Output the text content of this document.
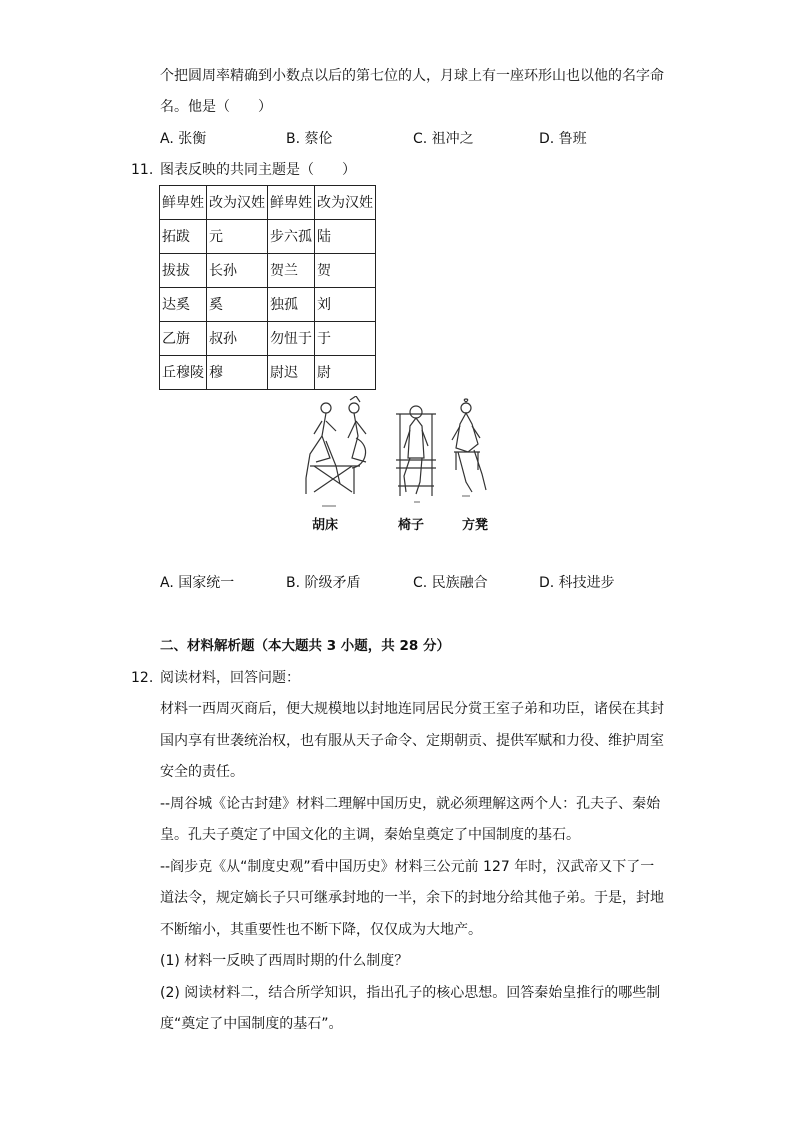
个把圆周率精确到小数点以后的第七位的人，月球上有一座环形山也以他的名字命
名。他是（　　）
A. 张衡	B. 蔡伦	C. 祖冲之	D. 鲁班
11. 图表反映的共同主题是（　　）
鲜卑姓	改为汉姓	鲜卑姓	改为汉姓
拓跋	元	步六孤	陆
拔拔	长孙	贺兰	贺
达奚	奚	独孤	刘
乙旃	叔孙	勿忸于	于
丘穆陵	穆	尉迟	尉
胡床	椅子	方凳
A. 国家统一	B. 阶级矛盾	C. 民族融合	D. 科技进步
二、材料解析题（本大题共 3 小题，共 28 分）
12. 阅读材料，回答问题：
材料一西周灭商后，便大规模地以封地连同居民分赏王室子弟和功臣，诸侯在其封
国内享有世袭统治权，也有服从天子命令、定期朝贡、提供军赋和力役、维护周室
安全的责任。
--周谷城《论古封建》材料二理解中国历史，就必须理解这两个人：孔夫子、秦始
皇。孔夫子奠定了中国文化的主调，秦始皇奠定了中国制度的基石。
--阎步克《从“制度史观”看中国历史》材料三公元前 127 年时，汉武帝又下了一
道法令，规定嫡长子只可继承封地的一半，余下的封地分给其他子弟。于是，封地
不断缩小，其重要性也不断下降，仅仅成为大地产。
(1) 材料一反映了西周时期的什么制度？
(2) 阅读材料二，结合所学知识，指出孔子的核心思想。回答秦始皇推行的哪些制
度“奠定了中国制度的基石”。
